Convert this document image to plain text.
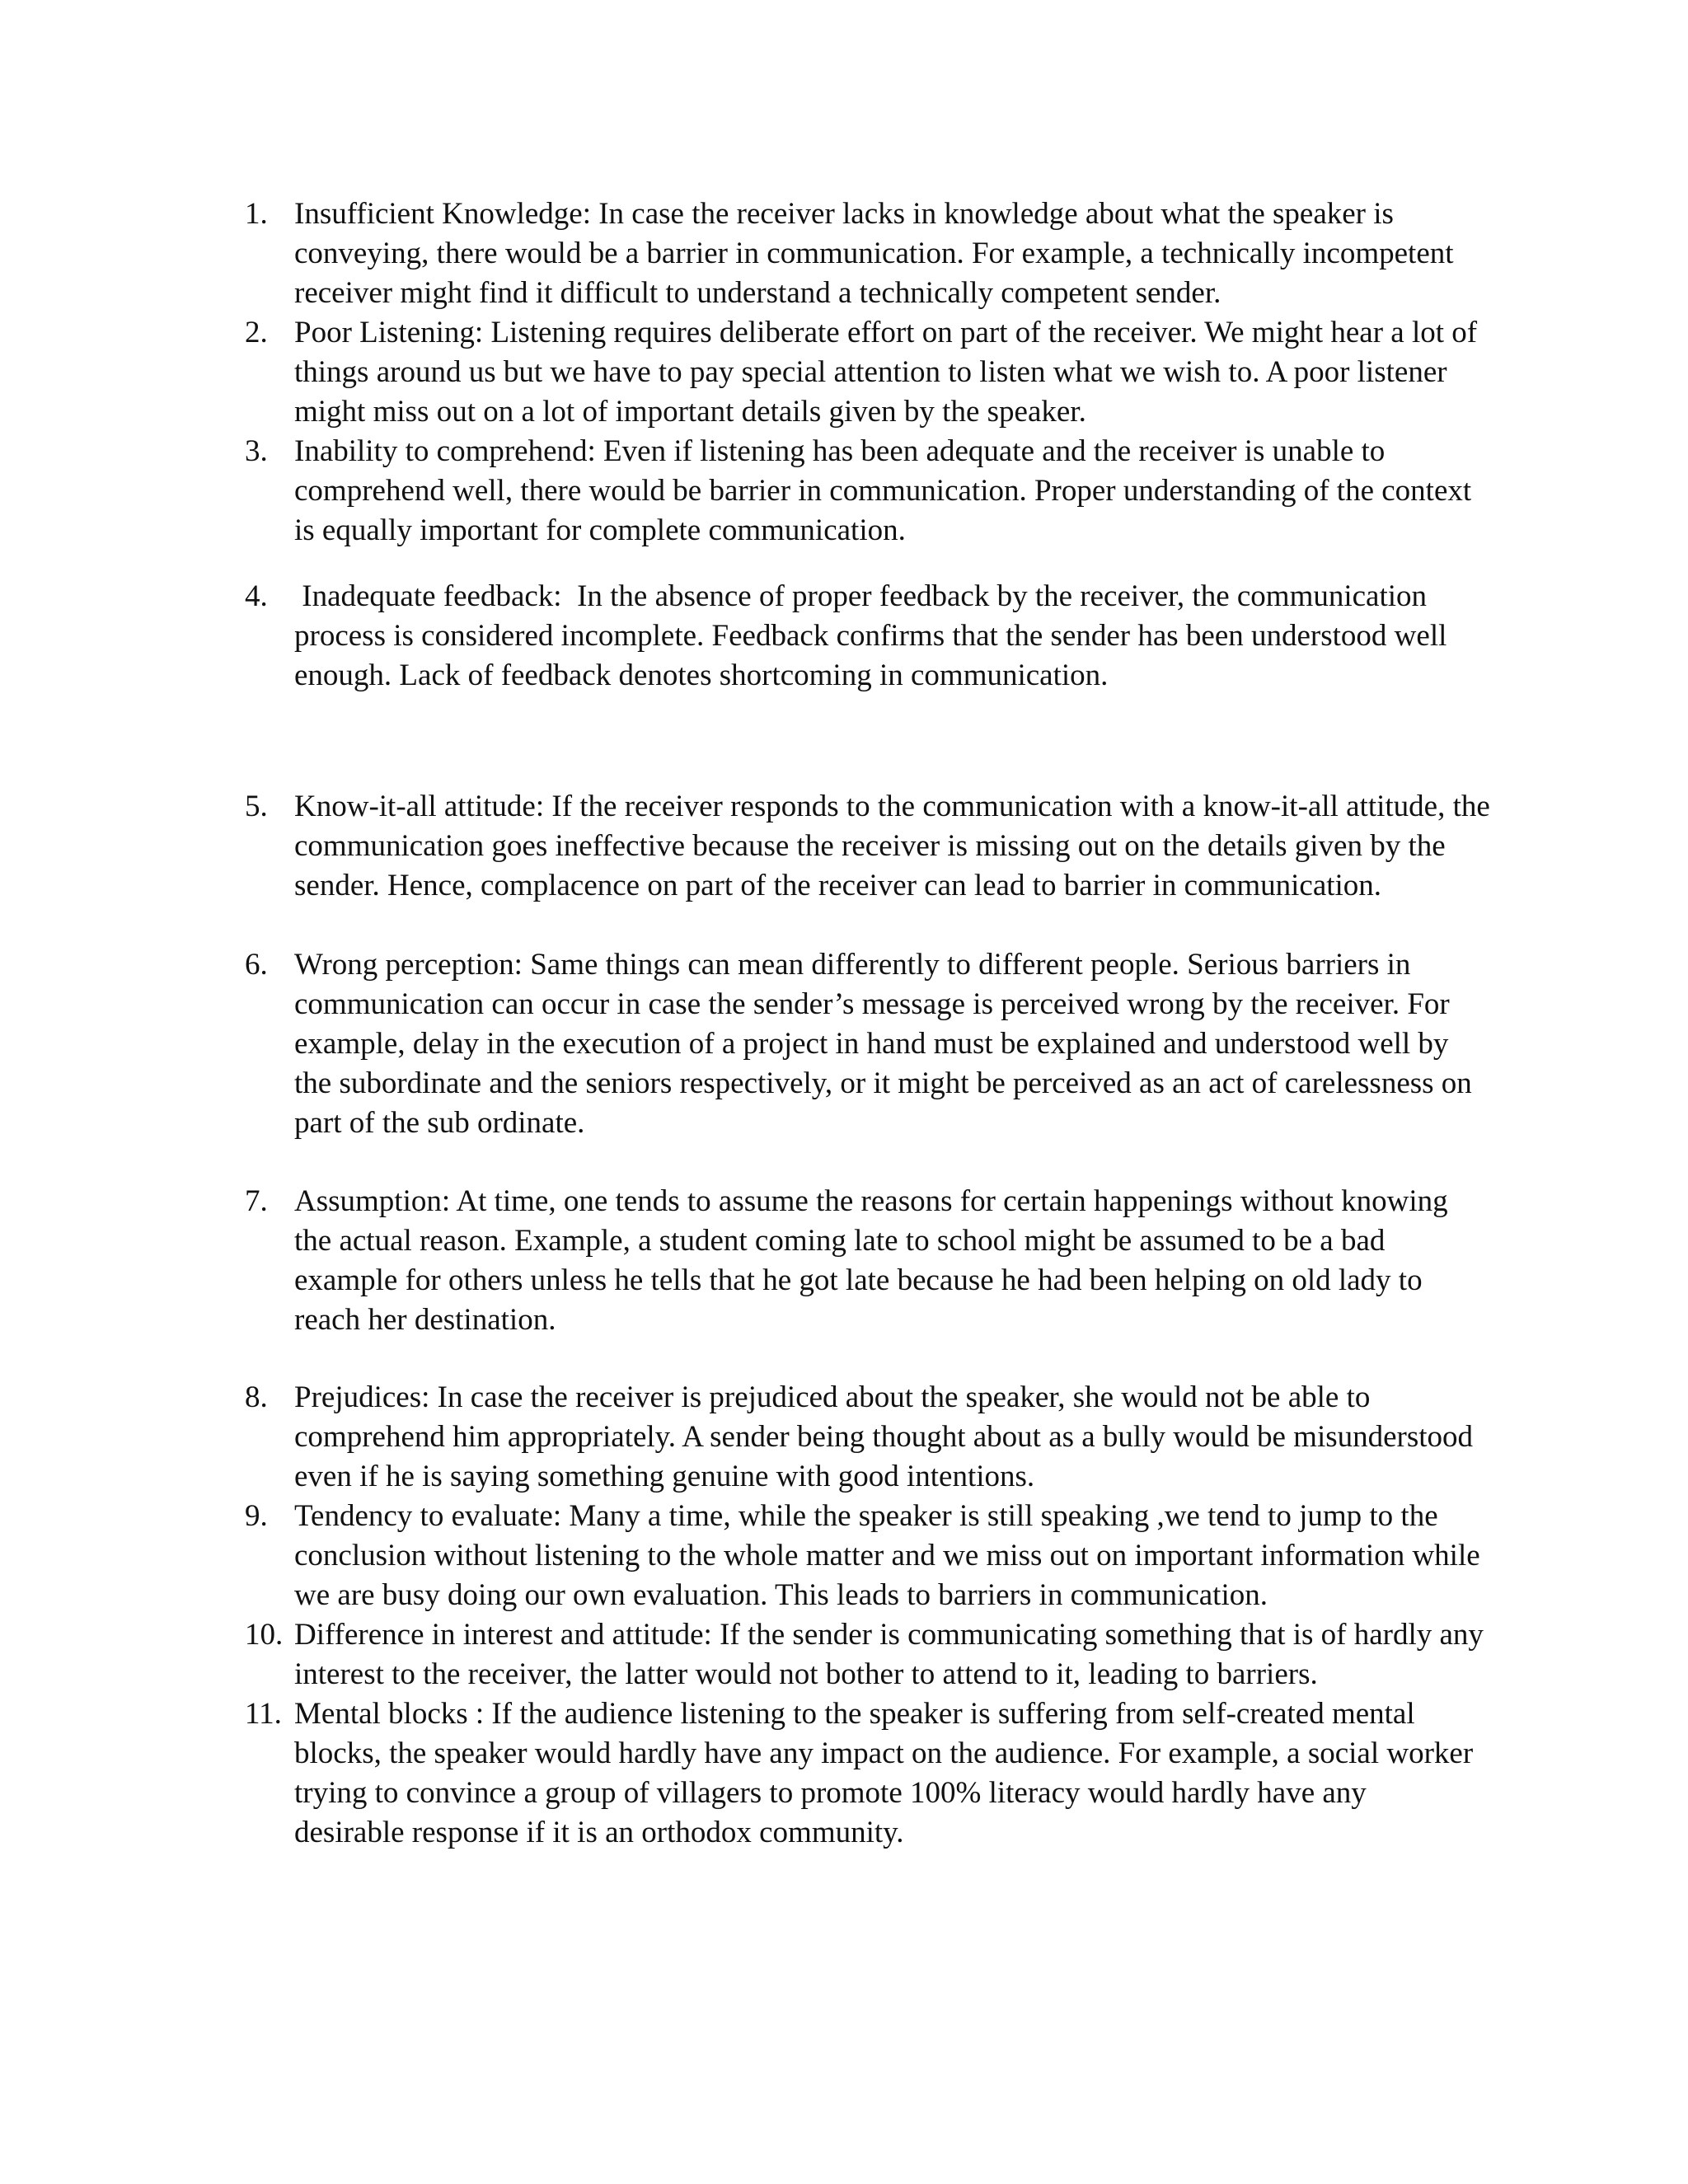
1. Insufficient Knowledge: In case the receiver lacks in knowledge about what the speaker is
conveying, there would be a barrier in communication. For example, a technically incompetent
receiver might find it difficult to understand a technically competent sender.
2. Poor Listening: Listening requires deliberate effort on part of the receiver. We might hear a lot of
things around us but we have to pay special attention to listen what we wish to. A poor listener
might miss out on a lot of important details given by the speaker.
3. Inability to comprehend: Even if listening has been adequate and the receiver is unable to
comprehend well, there would be barrier in communication. Proper understanding of the context
is equally important for complete communication.
4. Inadequate feedback:  In the absence of proper feedback by the receiver, the communication
process is considered incomplete. Feedback confirms that the sender has been understood well
enough. Lack of feedback denotes shortcoming in communication.
5. Know-it-all attitude: If the receiver responds to the communication with a know-it-all attitude, the
communication goes ineffective because the receiver is missing out on the details given by the
sender. Hence, complacence on part of the receiver can lead to barrier in communication.
6. Wrong perception: Same things can mean differently to different people. Serious barriers in
communication can occur in case the sender’s message is perceived wrong by the receiver. For
example, delay in the execution of a project in hand must be explained and understood well by
the subordinate and the seniors respectively, or it might be perceived as an act of carelessness on
part of the sub ordinate.
7. Assumption: At time, one tends to assume the reasons for certain happenings without knowing
the actual reason. Example, a student coming late to school might be assumed to be a bad
example for others unless he tells that he got late because he had been helping on old lady to
reach her destination.
8. Prejudices: In case the receiver is prejudiced about the speaker, she would not be able to
comprehend him appropriately. A sender being thought about as a bully would be misunderstood
even if he is saying something genuine with good intentions.
9. Tendency to evaluate: Many a time, while the speaker is still speaking ,we tend to jump to the
conclusion without listening to the whole matter and we miss out on important information while
we are busy doing our own evaluation. This leads to barriers in communication.
10. Difference in interest and attitude: If the sender is communicating something that is of hardly any
interest to the receiver, the latter would not bother to attend to it, leading to barriers.
11. Mental blocks : If the audience listening to the speaker is suffering from self-created mental
blocks, the speaker would hardly have any impact on the audience. For example, a social worker
trying to convince a group of villagers to promote 100% literacy would hardly have any
desirable response if it is an orthodox community.
